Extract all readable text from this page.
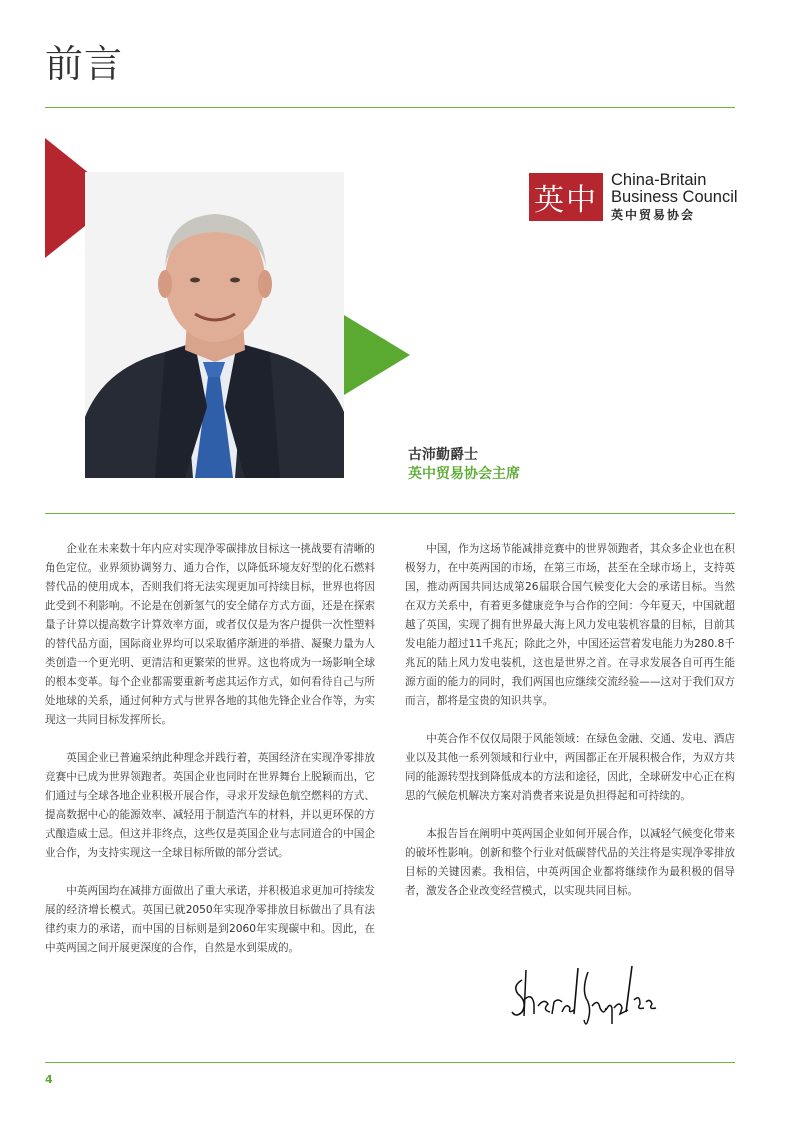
前言
英中
China-Britain
Business Council
英中贸易协会
古沛勤爵士
英中贸易协会主席

企业在未来数十年内应对实现净零碳排放目标这一挑战要有清晰的角色定位。业界须协调努力、通力合作，以降低环境友好型的化石燃料替代品的使用成本，否则我们将无法实现更加可持续目标，世界也将因此受到不利影响。不论是在创新氢气的安全储存方式方面，还是在探索量子计算以提高数字计算效率方面，或者仅仅是为客户提供一次性塑料的替代品方面，国际商业界均可以采取循序渐进的举措、凝聚力量为人类创造一个更光明、更清洁和更繁荣的世界。这也将成为一场影响全球的根本变革。每个企业都需要重新考虑其运作方式，如何看待自己与所处地球的关系，通过何种方式与世界各地的其他先锋企业合作等，为实现这一共同目标发挥所长。

英国企业已普遍采纳此种理念并践行着，英国经济在实现净零排放竞赛中已成为世界领跑者。英国企业也同时在世界舞台上脱颖而出，它们通过与全球各地企业积极开展合作，寻求开发绿色航空燃料的方式、提高数据中心的能源效率、减轻用于制造汽车的材料，并以更环保的方式酿造威士忌。但这并非终点，这些仅是英国企业与志同道合的中国企业合作，为支持实现这一全球目标所做的部分尝试。

中英两国均在减排方面做出了重大承诺，并积极追求更加可持续发展的经济增长模式。英国已就2050年实现净零排放目标做出了具有法律约束力的承诺，而中国的目标则是到2060年实现碳中和。因此，在中英两国之间开展更深度的合作，自然是水到渠成的。

中国，作为这场节能减排竞赛中的世界领跑者，其众多企业也在积极努力，在中英两国的市场，在第三市场，甚至在全球市场上，支持英国，推动两国共同达成第26届联合国气候变化大会的承诺目标。当然在双方关系中，有着更多健康竞争与合作的空间：今年夏天，中国就超越了英国，实现了拥有世界最大海上风力发电装机容量的目标，目前其发电能力超过11千兆瓦；除此之外，中国还运营着发电能力为280.8千兆瓦的陆上风力发电装机，这也是世界之首。在寻求发展各自可再生能源方面的能力的同时，我们两国也应继续交流经验——这对于我们双方而言，都将是宝贵的知识共享。

中英合作不仅仅局限于风能领域：在绿色金融、交通、发电、酒店业以及其他一系列领域和行业中，两国都正在开展积极合作，为双方共同的能源转型找到降低成本的方法和途径，因此，全球研发中心正在构思的气候危机解决方案对消费者来说是负担得起和可持续的。

本报告旨在阐明中英两国企业如何开展合作，以减轻气候变化带来的破坏性影响。创新和整个行业对低碳替代品的关注将是实现净零排放目标的关键因素。我相信，中英两国企业都将继续作为最积极的倡导者，激发各企业改变经营模式，以实现共同目标。

4
